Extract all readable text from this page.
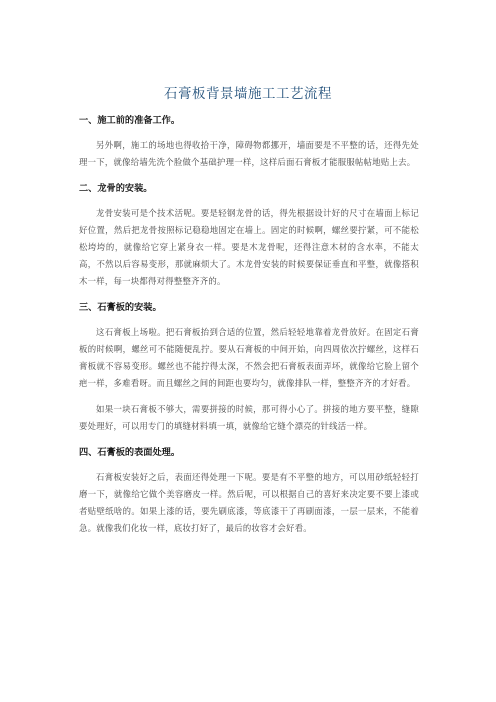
石膏板背景墙施工工艺流程
一、施工前的准备工作。

另外啊，施工的场地也得收拾干净，障碍物都挪开，墙面要是不平整的话，还得先处理一下，就像给墙先洗个脸做个基础护理一样，这样后面石膏板才能服服帖帖地贴上去。

二、龙骨的安装。

龙骨安装可是个技术活呢。要是轻钢龙骨的话，得先根据设计好的尺寸在墙面上标记好位置，然后把龙骨按照标记稳稳地固定在墙上。固定的时候啊，螺丝要拧紧，可不能松松垮垮的，就像给它穿上紧身衣一样。要是木龙骨呢，还得注意木材的含水率，不能太高，不然以后容易变形，那就麻烦大了。木龙骨安装的时候要保证垂直和平整，就像搭积木一样，每一块都得对得整整齐齐的。

三、石膏板的安装。

这石膏板上场啦。把石膏板抬到合适的位置，然后轻轻地靠着龙骨放好。在固定石膏板的时候啊，螺丝可不能随便乱拧。要从石膏板的中间开始，向四周依次拧螺丝，这样石膏板就不容易变形。螺丝也不能拧得太深，不然会把石膏板表面弄坏，就像给它脸上留个疤一样，多难看呀。而且螺丝之间的间距也要均匀，就像排队一样，整整齐齐的才好看。

如果一块石膏板不够大，需要拼接的时候，那可得小心了。拼接的地方要平整，缝隙要处理好，可以用专门的填缝材料填一填，就像给它缝个漂亮的针线活一样。

四、石膏板的表面处理。

石膏板安装好之后，表面还得处理一下呢。要是有不平整的地方，可以用砂纸轻轻打磨一下，就像给它做个美容磨皮一样。然后呢，可以根据自己的喜好来决定要不要上漆或者贴壁纸啥的。如果上漆的话，要先刷底漆，等底漆干了再刷面漆，一层一层来，不能着急。就像我们化妆一样，底妆打好了，最后的妆容才会好看。
